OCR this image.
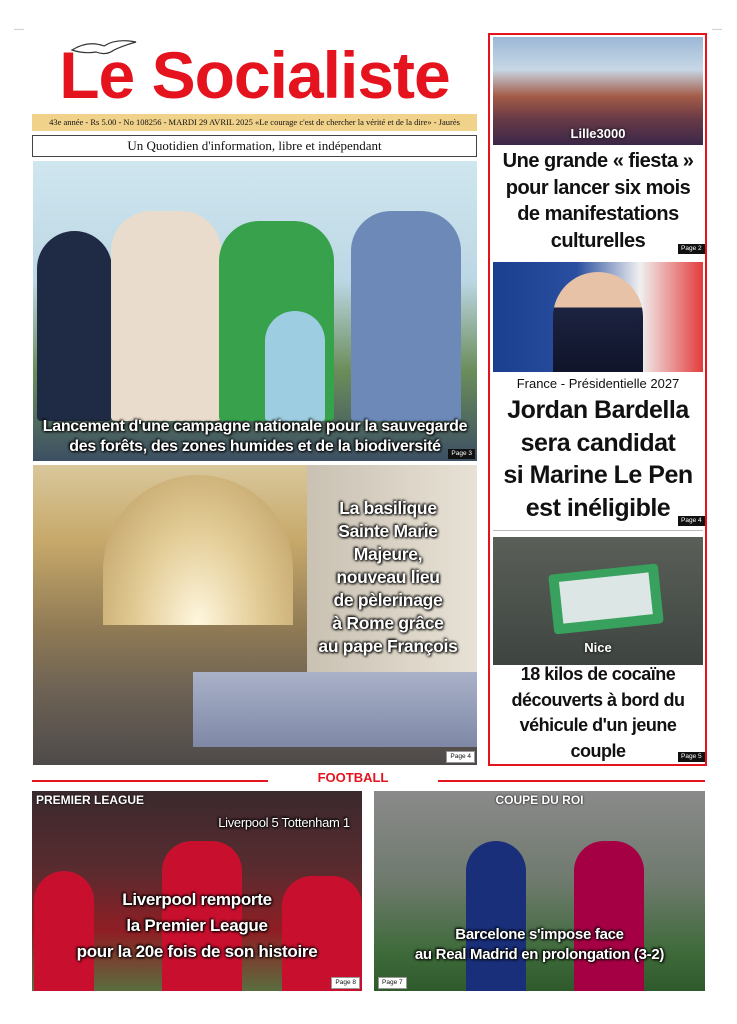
—	—
Le Socialiste
43e année - Rs 5.00 - No 108256 - MARDI 29 AVRIL 2025 «Le courage c'est de chercher la vérité et de la dire» - Jaurès
Un Quotidien d'information, libre et indépendant
Lancement d'une campagne nationale pour la sauvegarde
des forêts, des zones humides et de la biodiversité	Page 3
La basilique
Sainte Marie
Majeure,
nouveau lieu
de pèlerinage
à Rome grâce
au pape François
Page 4
Lille3000
Une grande « fiesta »
pour lancer six mois
de manifestations
culturelles	Page 2
France - Présidentielle 2027
Jordan Bardella
sera candidat
si Marine Le Pen
est inéligible	Page 4
Nice
18 kilos de cocaïne
découverts à bord du
véhicule d'un jeune
couple	Page 5
FOOTBALL
PREMIER LEAGUE
Liverpool 5 Tottenham 1
Liverpool remporte
la Premier League
pour la 20e fois de son histoire
Page 8
COUPE DU ROI
Barcelone s'impose face
au Real Madrid en prolongation (3-2)
Page 7
